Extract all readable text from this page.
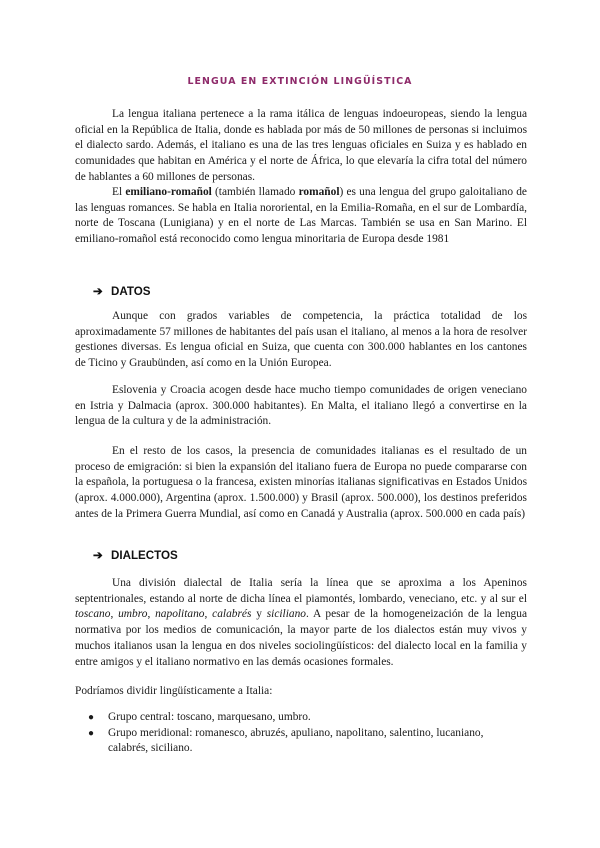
LENGUA EN EXTINCIÓN LINGÜÍSTICA

La lengua italiana pertenece a la rama itálica de lenguas indoeuropeas, siendo la lengua oficial en la República de Italia, donde es hablada por más de 50 millones de personas si incluimos el dialecto sardo. Además, el italiano es una de las tres lenguas oficiales en Suiza y es hablado en comunidades que habitan en América y el norte de África, lo que elevaría la cifra total del número de hablantes a 60 millones de personas.

El emiliano-romañol (también llamado romañol) es una lengua del grupo galoitaliano de las lenguas romances. Se habla en Italia nororiental, en la Emilia-Romaña, en el sur de Lombardía, norte de Toscana (Lunigiana) y en el norte de Las Marcas. También se usa en San Marino. El emiliano-romañol está reconocido como lengua minoritaria de Europa desde 1981

➔ DATOS

Aunque con grados variables de competencia, la práctica totalidad de los aproximadamente 57 millones de habitantes del país usan el italiano, al menos a la hora de resolver gestiones diversas. Es lengua oficial en Suiza, que cuenta con 300.000 hablantes en los cantones de Ticino y Graubünden, así como en la Unión Europea.

Eslovenia y Croacia acogen desde hace mucho tiempo comunidades de origen veneciano en Istria y Dalmacia (aprox. 300.000 habitantes). En Malta, el italiano llegó a convertirse en la lengua de la cultura y de la administración.

En el resto de los casos, la presencia de comunidades italianas es el resultado de un proceso de emigración: si bien la expansión del italiano fuera de Europa no puede compararse con la española, la portuguesa o la francesa, existen minorías italianas significativas en Estados Unidos (aprox. 4.000.000), Argentina (aprox. 1.500.000) y Brasil (aprox. 500.000), los destinos preferidos antes de la Primera Guerra Mundial, así como en Canadá y Australia (aprox. 500.000 en cada país)

➔ DIALECTOS

Una división dialectal de Italia sería la línea que se aproxima a los Apeninos septentrionales, estando al norte de dicha línea el piamontés, lombardo, veneciano, etc. y al sur el toscano, umbro, napolitano, calabrés y siciliano. A pesar de la homogeneización de la lengua normativa por los medios de comunicación, la mayor parte de los dialectos están muy vivos y muchos italianos usan la lengua en dos niveles sociolingüísticos: del dialecto local en la familia y entre amigos y el italiano normativo en las demás ocasiones formales.

Podríamos dividir lingüísticamente a Italia:

● Grupo central: toscano, marquesano, umbro.
● Grupo meridional: romanesco, abruzés, apuliano, napolitano, salentino, lucaniano, calabrés, siciliano.
